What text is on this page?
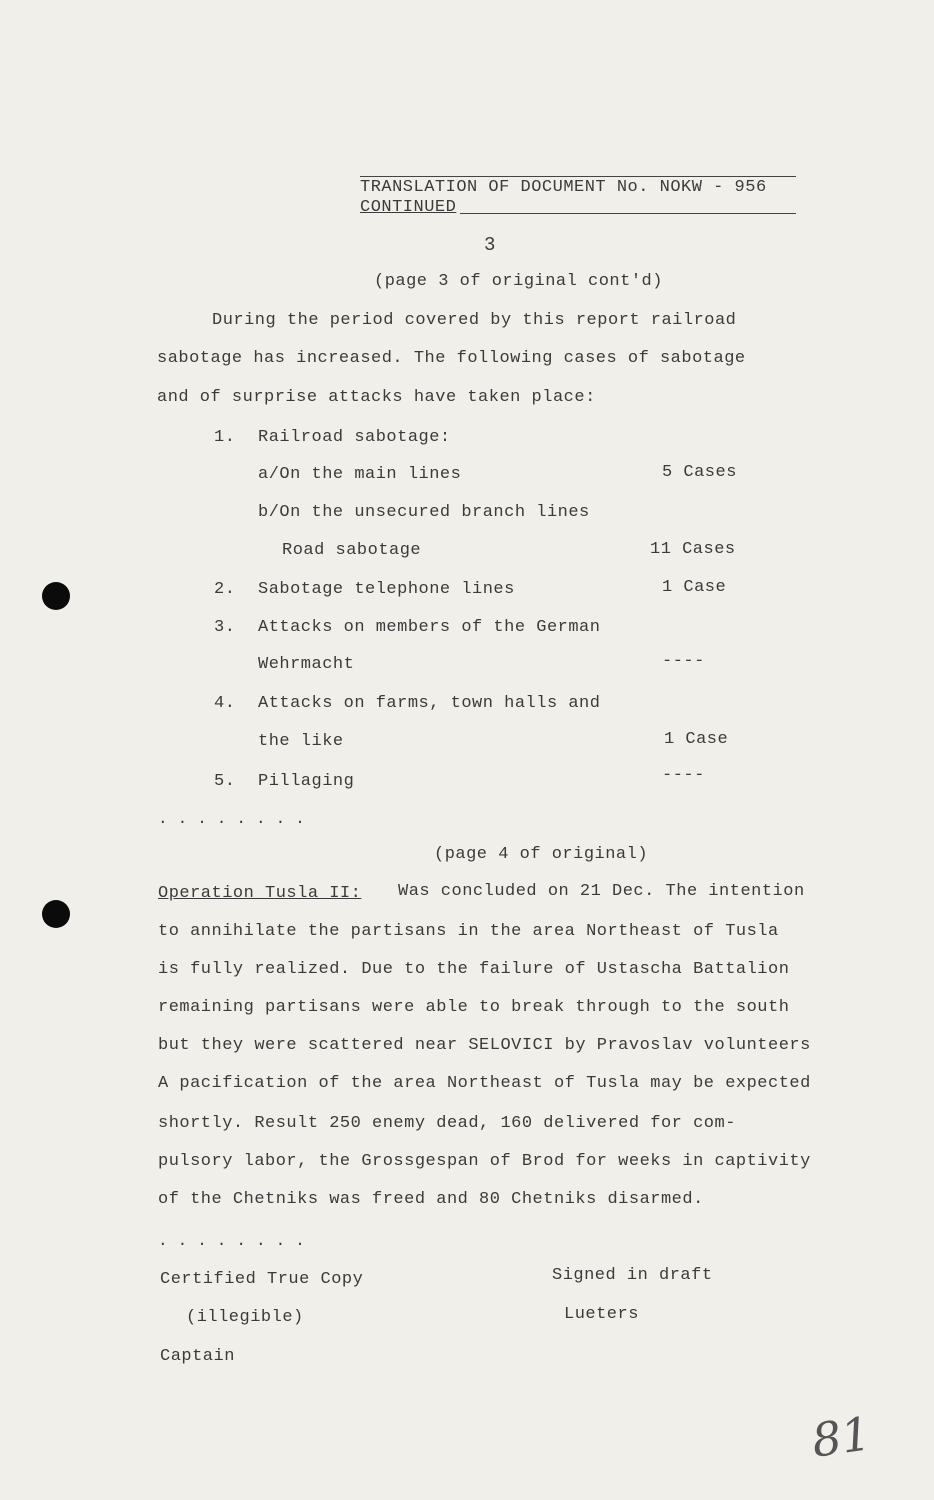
TRANSLATION OF DOCUMENT No. NOKW - 956
CONTINUED
3
(page 3 of original cont'd)
During the period covered by this report railroad
sabotage has increased. The following cases of sabotage
and of surprise attacks have taken place:
1. Railroad sabotage:
a/On the main lines	5 Cases
b/On the unsecured branch lines
Road sabotage	11 Cases
2. Sabotage telephone lines	1 Case
3. Attacks on members of the German
Wehrmacht	----
4. Attacks on farms, town halls and
the like	1 Case
5. Pillaging	----
........
(page 4 of original)
Operation Tusla II: Was concluded on 21 Dec. The intention
to annihilate the partisans in the area Northeast of Tusla
is fully realized. Due to the failure of Ustascha Battalion
remaining partisans were able to break through to the south
but they were scattered near SELOVICI by Pravoslav volunteers
A pacification of the area Northeast of Tusla may be expected
shortly. Result 250 enemy dead, 160 delivered for com-
pulsory labor, the Grossgespan of Brod for weeks in captivity
of the Chetniks was freed and 80 Chetniks disarmed.
........
Certified True Copy
(illegible)
Captain
Signed in draft
Lueters
81
